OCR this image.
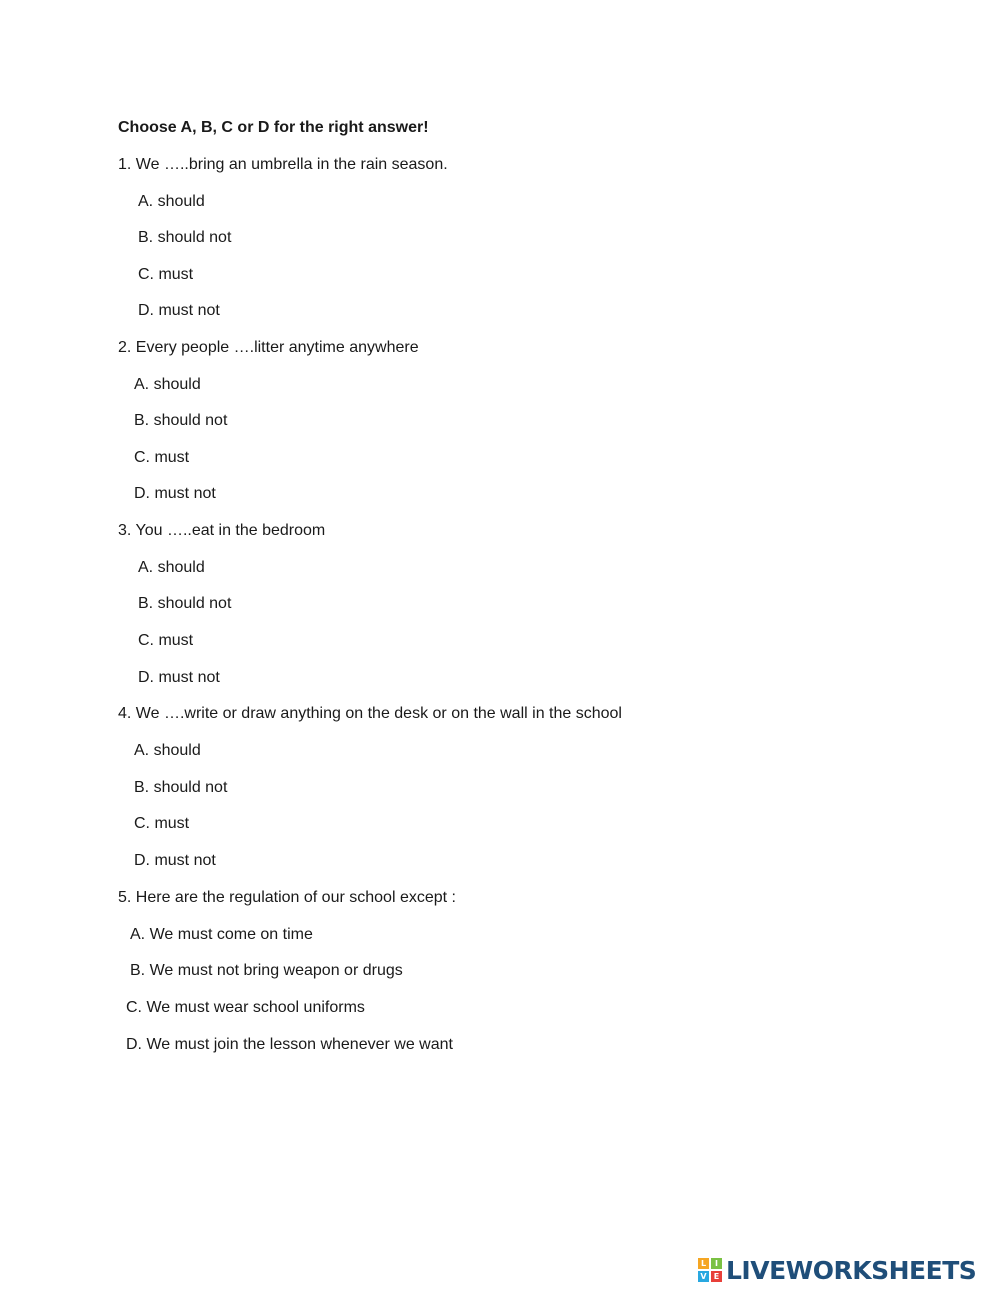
Choose A, B, C or D for the right answer!
1. We …..bring an umbrella in the rain season.
A. should
B. should not
C. must
D. must not
2. Every people ….litter anytime anywhere
A. should
B. should not
C. must
D. must not
3. You …..eat in the bedroom
A. should
B. should not
C. must
D. must not
4. We ….write or draw anything on the desk or on the wall in the school
A. should
B. should not
C. must
D. must not
5. Here are the regulation of our school except :
A. We must come on time
B. We must not bring weapon or drugs
C. We must wear school uniforms
D. We must join the lesson whenever we want
L	I
V E LIVEWORKSHEETS
